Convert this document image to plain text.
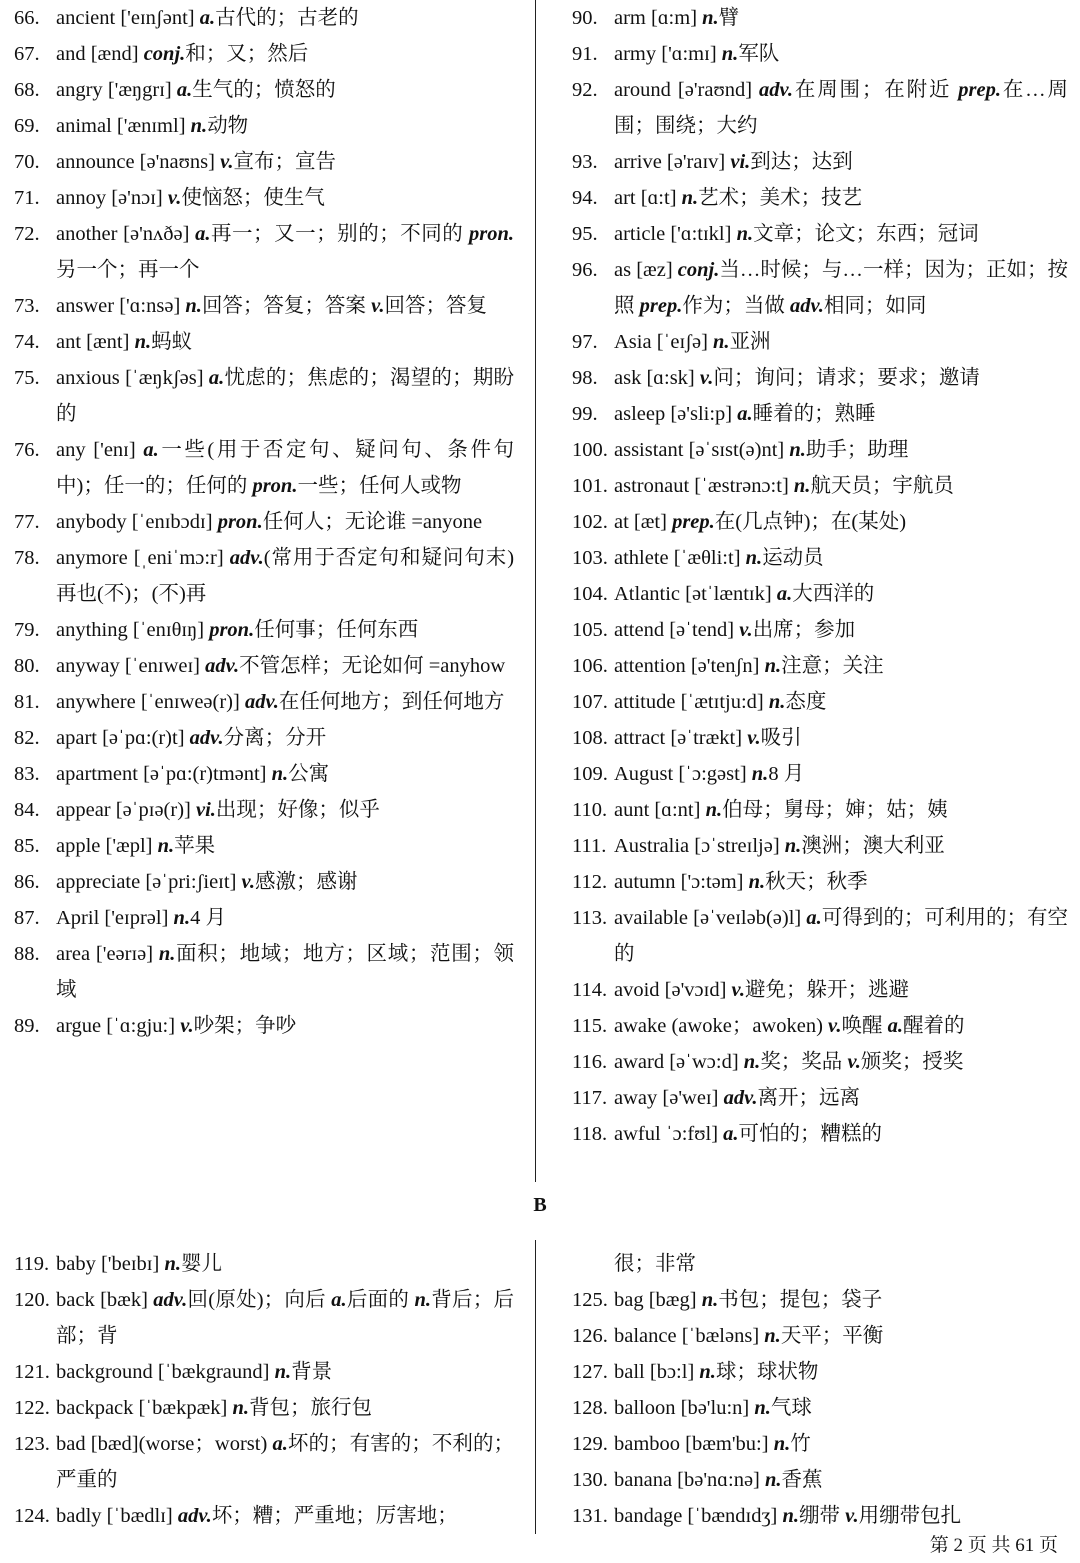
66. ancient ['eɪnʃənt] a.古代的；古老的
67. and [ænd] conj.和；又；然后
68. angry ['æŋgrɪ] a.生气的；愤怒的
69. animal ['ænɪml] n.动物
70. announce [ə'naʊns] v.宣布；宣告
71. annoy [ə'nɔɪ] v.使恼怒；使生气
72. another [ə'nʌðə] a.再一；又一；别的；不同的 pron.另一个；再一个
73. answer ['ɑ:nsə] n.回答；答复；答案 v.回答；答复
74. ant [ænt] n.蚂蚁
75. anxious [ˈæŋkʃəs] a.忧虑的；焦虑的；渴望的；期盼的
76. any ['enɪ] a.一些(用于否定句、疑问句、条件句中)；任一的；任何的 pron.一些；任何人或物
77. anybody [ˈenɪbɔdɪ] pron.任何人；无论谁 =anyone
78. anymore [ˌeniˈmɔ:r] adv.(常用于否定句和疑问句末)再也(不)；(不)再
79. anything [ˈenɪθɪŋ] pron.任何事；任何东西
80. anyway [ˈenɪweɪ] adv.不管怎样；无论如何 =anyhow
81. anywhere [ˈenɪweə(r)] adv.在任何地方；到任何地方
82. apart [əˈpɑ:(r)t] adv.分离；分开
83. apartment [əˈpɑ:(r)tmənt] n.公寓
84. appear [əˈpɪə(r)] vi.出现；好像；似乎
85. apple ['æpl] n.苹果
86. appreciate [əˈpri:ʃieɪt] v.感激；感谢
87. April ['eɪprəl] n.4 月
88. area ['eərɪə] n.面积；地域；地方；区域；范围；领域
89. argue [ˈɑ:gju:] v.吵架；争吵
90. arm [ɑ:m] n.臂
91. army ['ɑ:mɪ] n.军队
92. around [ə'raʊnd] adv.在周围；在附近 prep.在…周围；围绕；大约
93. arrive [ə'raɪv] vi.到达；达到
94. art [ɑ:t] n.艺术；美术；技艺
95. article ['ɑ:tɪkl] n.文章；论文；东西；冠词
96. as [æz] conj.当…时候；与…一样；因为；正如；按照 prep.作为；当做 adv.相同；如同
97. Asia [ˈeɪʃə] n.亚洲
98. ask [ɑ:sk] v.问；询问；请求；要求；邀请
99. asleep [ə'sli:p] a.睡着的；熟睡
100. assistant [əˈsɪst(ə)nt] n.助手；助理
101. astronaut [ˈæstrənɔ:t] n.航天员；宇航员
102. at [æt] prep.在(几点钟)；在(某处)
103. athlete [ˈæθli:t] n.运动员
104. Atlantic [ətˈlæntɪk] a.大西洋的
105. attend [əˈtend] v.出席；参加
106. attention [ə'tenʃn] n.注意；关注
107. attitude [ˈætɪtju:d] n.态度
108. attract [əˈtrækt] v.吸引
109. August [ˈɔ:gəst] n.8 月
110. aunt [ɑ:nt] n.伯母；舅母；婶；姑；姨
111. Australia [ɔˈstreɪljə] n.澳洲；澳大利亚
112. autumn ['ɔ:təm] n.秋天；秋季
113. available [əˈveɪləb(ə)l] a.可得到的；可利用的；有空的
114. avoid [ə'vɔɪd] v.避免；躲开；逃避
115. awake (awoke；awoken) v.唤醒 a.醒着的
116. award [əˈwɔ:d] n.奖；奖品 v.颁奖；授奖
117. away [ə'weɪ] adv.离开；远离
118. awful ˈɔ:fʊl] a.可怕的；糟糕的
B
119. baby ['beɪbɪ] n.婴儿
120. back [bæk] adv.回(原处)；向后 a.后面的 n.背后；后部；背
121. background [ˈbækgraund] n.背景
122. backpack [ˈbækpæk] n.背包；旅行包
123. bad [bæd](worse；worst) a.坏的；有害的；不利的；严重的
124. badly [ˈbædlɪ] adv.坏；糟；严重地；厉害地；
很；非常
125. bag [bæg] n.书包；提包；袋子
126. balance [ˈbæləns] n.天平；平衡
127. ball [bɔ:l] n.球；球状物
128. balloon [bə'lu:n] n.气球
129. bamboo [bæm'bu:] n.竹
130. banana [bə'nɑ:nə] n.香蕉
131. bandage [ˈbændɪdʒ] n.绷带 v.用绷带包扎
第 2 页 共 61 页
